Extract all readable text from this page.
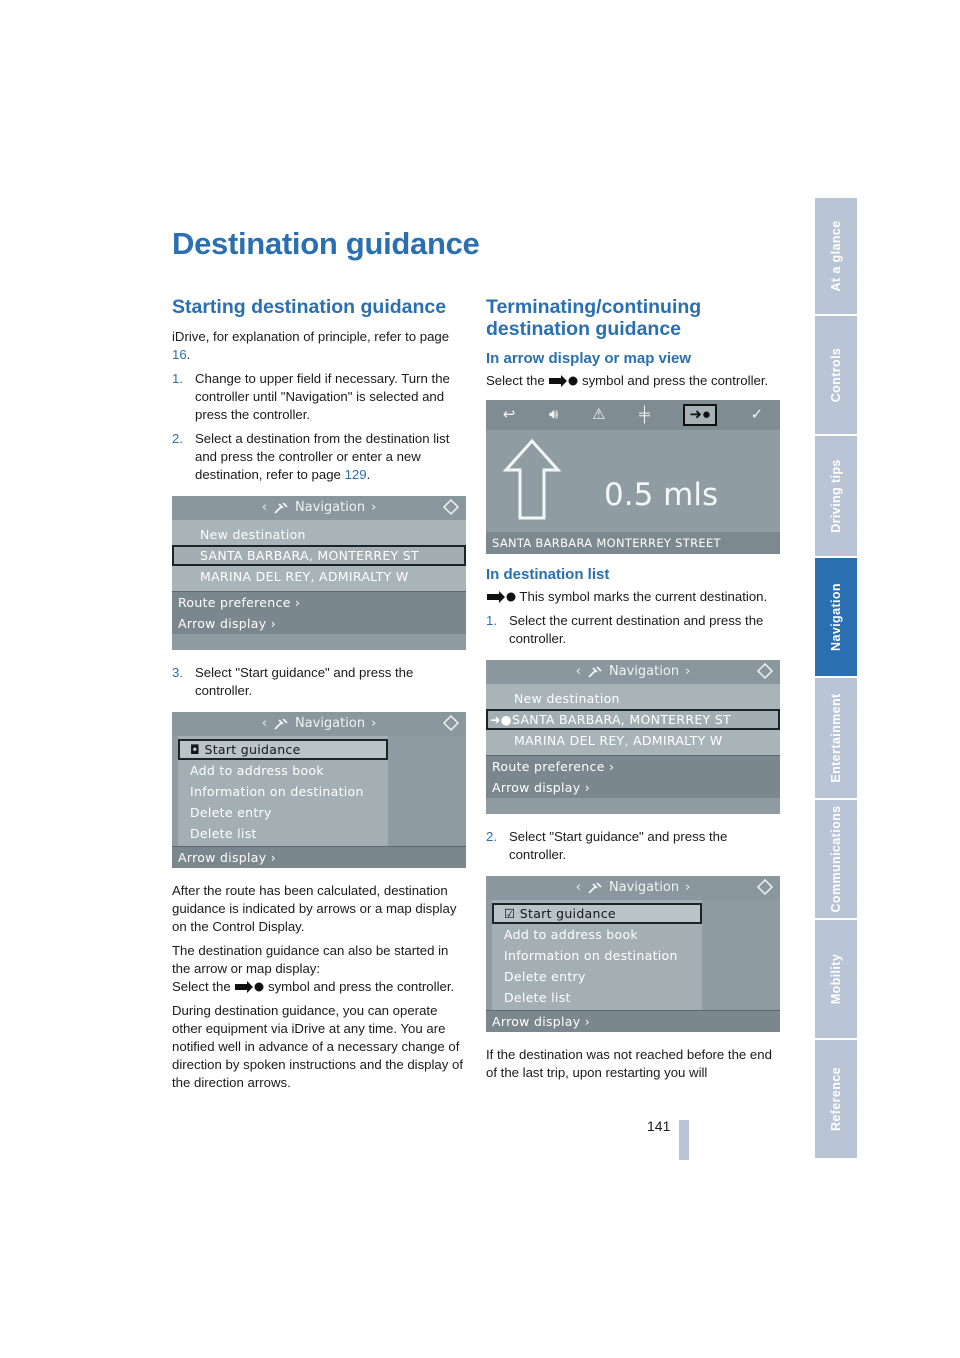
Destination guidance
Starting destination guidance

iDrive, for explanation of principle, refer to page 16.

1. Change to upper field if necessary. Turn the controller until "Navigation" is selected and press the controller.
2. Select a destination from the destination list and press the controller or enter a new destination, refer to page 129.
‹ Navigation ›
New destination
SANTA BARBARA, MONTERREY ST
MARINA DEL REY, ADMIRALTY W
Route preference ›
Arrow display ›
3. Select "Start guidance" and press the controller.
‹ Navigation ›
◘ Start guidance
Add to address book
Information on destination
Delete entry
Delete list
Arrow display ›

After the route has been calculated, destination guidance is indicated by arrows or a map display on the Control Display.

The destination guidance can also be started in the arrow or map display:
Select the  symbol and press the controller.

During destination guidance, you can operate other equipment via iDrive at any time. You are notified well in advance of a necessary change of direction by spoken instructions and the display of the direction arrows.

Terminating/continuing destination guidance
In arrow display or map view

Select the  symbol and press the controller.

↩ 🔊︎ ⚠︎ ╪	➜●	✓
0.5 mls
SANTA BARBARA MONTERREY STREET
In destination list

This symbol marks the current destination.

1. Select the current destination and press the controller.
‹ Navigation ›
New destination
➜●SANTA BARBARA, MONTERREY ST
MARINA DEL REY, ADMIRALTY W
Route preference ›
Arrow display ›
2. Select "Start guidance" and press the controller.
‹ Navigation ›
☑ Start guidance
Add to address book
Information on destination
Delete entry
Delete list
Arrow display ›

If the destination was not reached before the end of the last trip, upon restarting you will

At a glance
Controls
Driving tips
Navigation
Entertainment
Communications
Mobility
Reference
141
